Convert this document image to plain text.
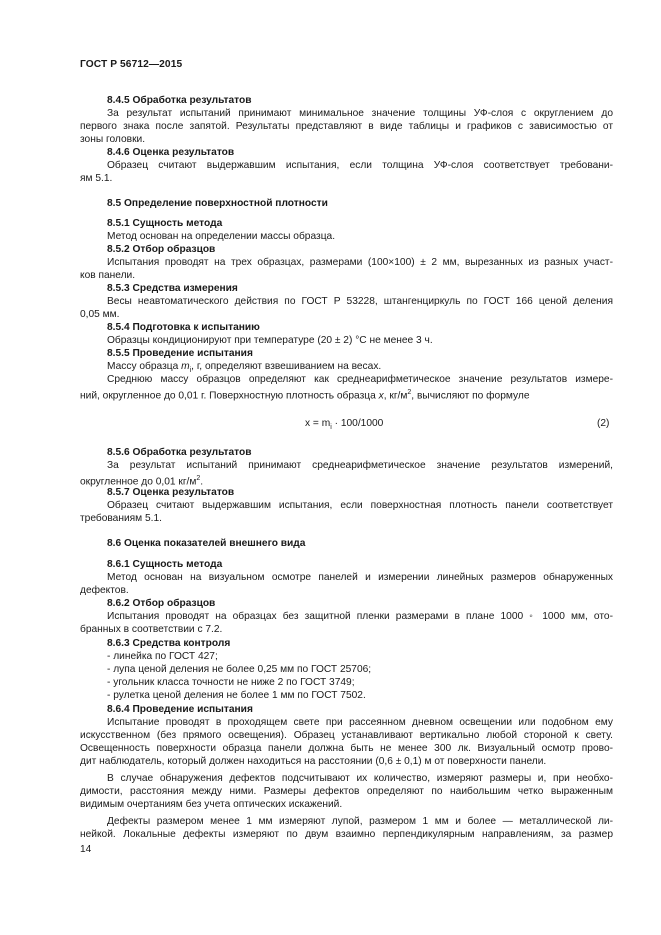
ГОСТ Р 56712—2015
8.4.5 Обработка результатов
За результат испытаний принимают минимальное значение толщины УФ-слоя с округлением до
первого знака после запятой. Результаты представляют в виде таблицы и графиков с зависимостью от
зоны головки.
8.4.6 Оценка результатов
Образец считают выдержавшим испытания, если толщина УФ-слоя соответствует требовани-
ям 5.1.
8.5 Определение поверхностной плотности
8.5.1 Сущность метода
Метод основан на определении массы образца.
8.5.2 Отбор образцов
Испытания проводят на трех образцах, размерами (100×100) ± 2 мм, вырезанных из разных участ-
ков панели.
8.5.3 Средства измерения
Весы неавтоматического действия по ГОСТ Р 53228, штангенциркуль по ГОСТ 166 ценой деления
0,05 мм.
8.5.4 Подготовка к испытанию
Образцы кондиционируют при температуре (20 ± 2) °С не менее 3 ч.
8.5.5 Проведение испытания
Массу образца $m_i$, г, определяют взвешиванием на весах.
Среднюю массу образцов определяют как среднеарифметическое значение результатов измере-
ний, округленное до 0,01 г. Поверхностную плотность образца x, $кг/м^2$, вычисляют по формуле
8.5.6 Обработка результатов
За результат испытаний принимают среднеарифметическое значение результатов измерений,
округленное до 0,01 $кг/м^2$.
8.5.7 Оценка результатов
Образец считают выдержавшим испытания, если поверхностная плотность панели соответствует
требованиям 5.1.
8.6 Оценка показателей внешнего вида
8.6.1 Сущность метода
Метод основан на визуальном осмотре панелей и измерении линейных размеров обнаруженных
дефектов.
8.6.2 Отбор образцов
Испытания проводят на образцах без защитной пленки размерами в плане 1000 ◦ 1000 мм, ото-
бранных в соответствии с 7.2.
8.6.3 Средства контроля
- линейка по ГОСТ 427;
- лупа ценой деления не более 0,25 мм по ГОСТ 25706;
- угольник класса точности не ниже 2 по ГОСТ 3749;
- рулетка ценой деления не более 1 мм по ГОСТ 7502.
8.6.4 Проведение испытания
Испытание проводят в проходящем свете при рассеянном дневном освещении или подобном ему
искусственном (без прямого освещения). Образец устанавливают вертикально любой стороной к свету.
Освещенность поверхности образца панели должна быть не менее 300 лк. Визуальный осмотр прово-
дит наблюдатель, который должен находиться на расстоянии (0,6 ± 0,1) м от поверхности панели.
В случае обнаружения дефектов подсчитывают их количество, измеряют размеры и, при необхо-
димости, расстояния между ними. Размеры дефектов определяют по наибольшим четко выраженным
видимым очертаниям без учета оптических искажений.
Дефекты размером менее 1 мм измеряют лупой, размером 1 мм и более — металлической ли-
нейкой. Локальные дефекты измеряют по двум взаимно перпендикулярным направлениям, за размер
$x = m_i \cdot 100/1000$	(2)
14
